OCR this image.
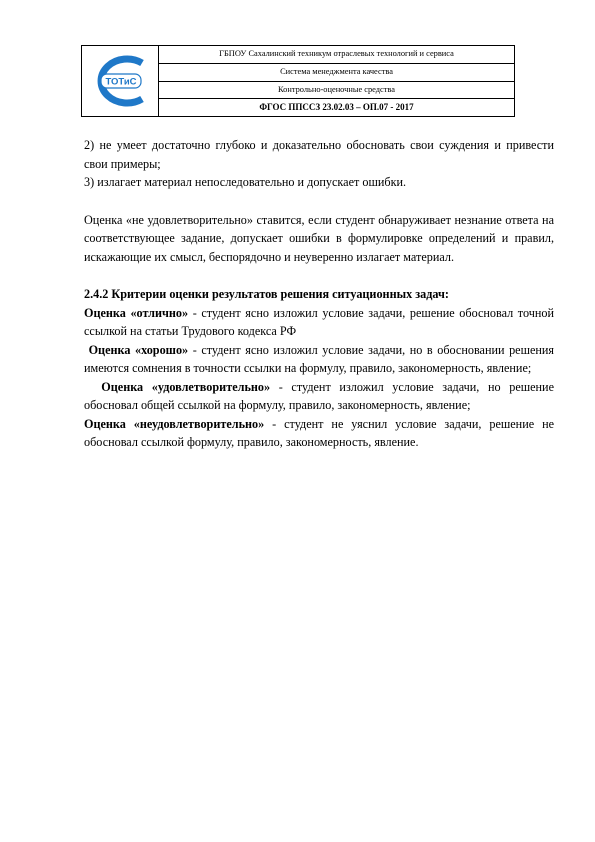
ТОТиС
ГБПОУ Сахалинский техникум отраслевых технологий и сервиса
Система менеджмента качества
Контрольно-оценочные средства
ФГОС ППССЗ 23.02.03 – ОП.07 - 2017

2) не умеет достаточно глубоко и доказательно обосновать свои суждения и привести свои примеры;

3) излагает материал непоследовательно и допускает ошибки.

Оценка «не удовлетворительно» ставится, если студент обнаруживает незнание ответа на соответствующее задание, допускает ошибки в формулировке определений и правил, искажающие их смысл, беспорядочно и неуверенно излагает материал.

2.4.2 Критерии оценки результатов решения ситуационных задач:

Оценка «отлично» - студент ясно изложил условие задачи, решение обосновал точной ссылкой на статьи Трудового кодекса РФ

Оценка «хорошо» - студент ясно изложил условие задачи, но в обосновании решения имеются сомнения в точности ссылки на формулу, правило, закономерность, явление;

Оценка «удовлетворительно» - студент изложил условие задачи, но решение обосновал общей ссылкой на формулу, правило, закономерность, явление;

Оценка «неудовлетворительно» - студент не уяснил условие задачи, решение не обосновал ссылкой формулу, правило, закономерность, явление.
